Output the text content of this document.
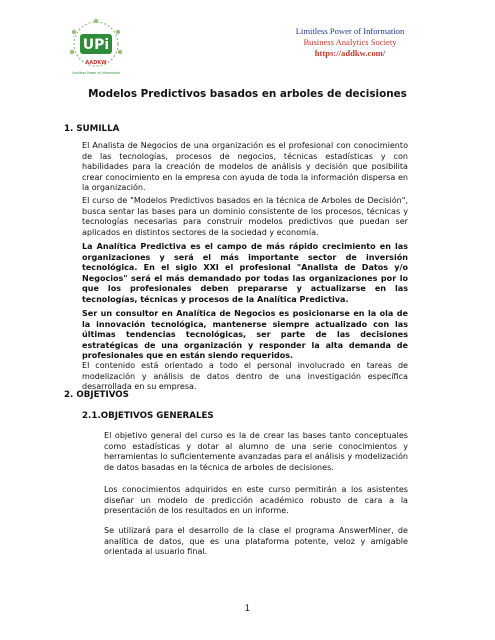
UPi
AADKW
Limitless Power of Information
Limitless Power of Information
Business Analytics Society
https://addkw.com/
Modelos Predictivos basados en arboles de decisiones
1. SUMILLA
El Analista de Negocios de una organización es el profesional con conocimiento de las tecnologías, procesos de negocios, técnicas estadísticas y con habilidades para la creación de modelos de análisis y decisión que posibilita crear conocimiento en la empresa con ayuda de toda la información dispersa en la organización.
El curso de "Modelos Predictivos basados en la técnica de Arboles de Decisión", busca sentar las bases para un dominio consistente de los procesos, técnicas y tecnologías necesarias para construir modelos predictivos que puedan ser aplicados en distintos sectores de la sociedad y economía.
La Analítica Predictiva es el campo de más rápido crecimiento en las organizaciones y será el más importante sector de inversión tecnológica. En el siglo XXI el profesional "Analista de Datos y/o Negocios" será el más demandado por todas las organizaciones por lo que los profesionales deben prepararse y actualizarse en las tecnologías, técnicas y procesos de la Analítica Predictiva.
Ser un consultor en Analítica de Negocios es posicionarse en la ola de la innovación tecnológica, mantenerse siempre actualizado con las últimas tendencias tecnológicas, ser parte de las decisiones estratégicas de una organización y responder la alta demanda de profesionales que en están siendo requeridos.
El contenido está orientado a todo el personal involucrado en tareas de modelización y análisis de datos dentro de una investigación específica desarrollada en su empresa.
2. OBJETIVOS
2.1.OBJETIVOS GENERALES
El objetivo general del curso es la de crear las bases tanto conceptuales como estadísticas y dotar al alumno de una serie conocimientos y herramientas lo suficientemente avanzadas para el análisis y modelización de datos basadas en la técnica de arboles de decisiones.
Los conocimientos adquiridos en este curso permitirán a los asistentes diseñar un modelo de predicción académico robusto de cara a la presentación de los resultados en un informe.
Se utilizará para el desarrollo de la clase el programa AnswerMiner, de analítica de datos, que es una plataforma potente, veloz y amigable orientada al usuario final.
1
